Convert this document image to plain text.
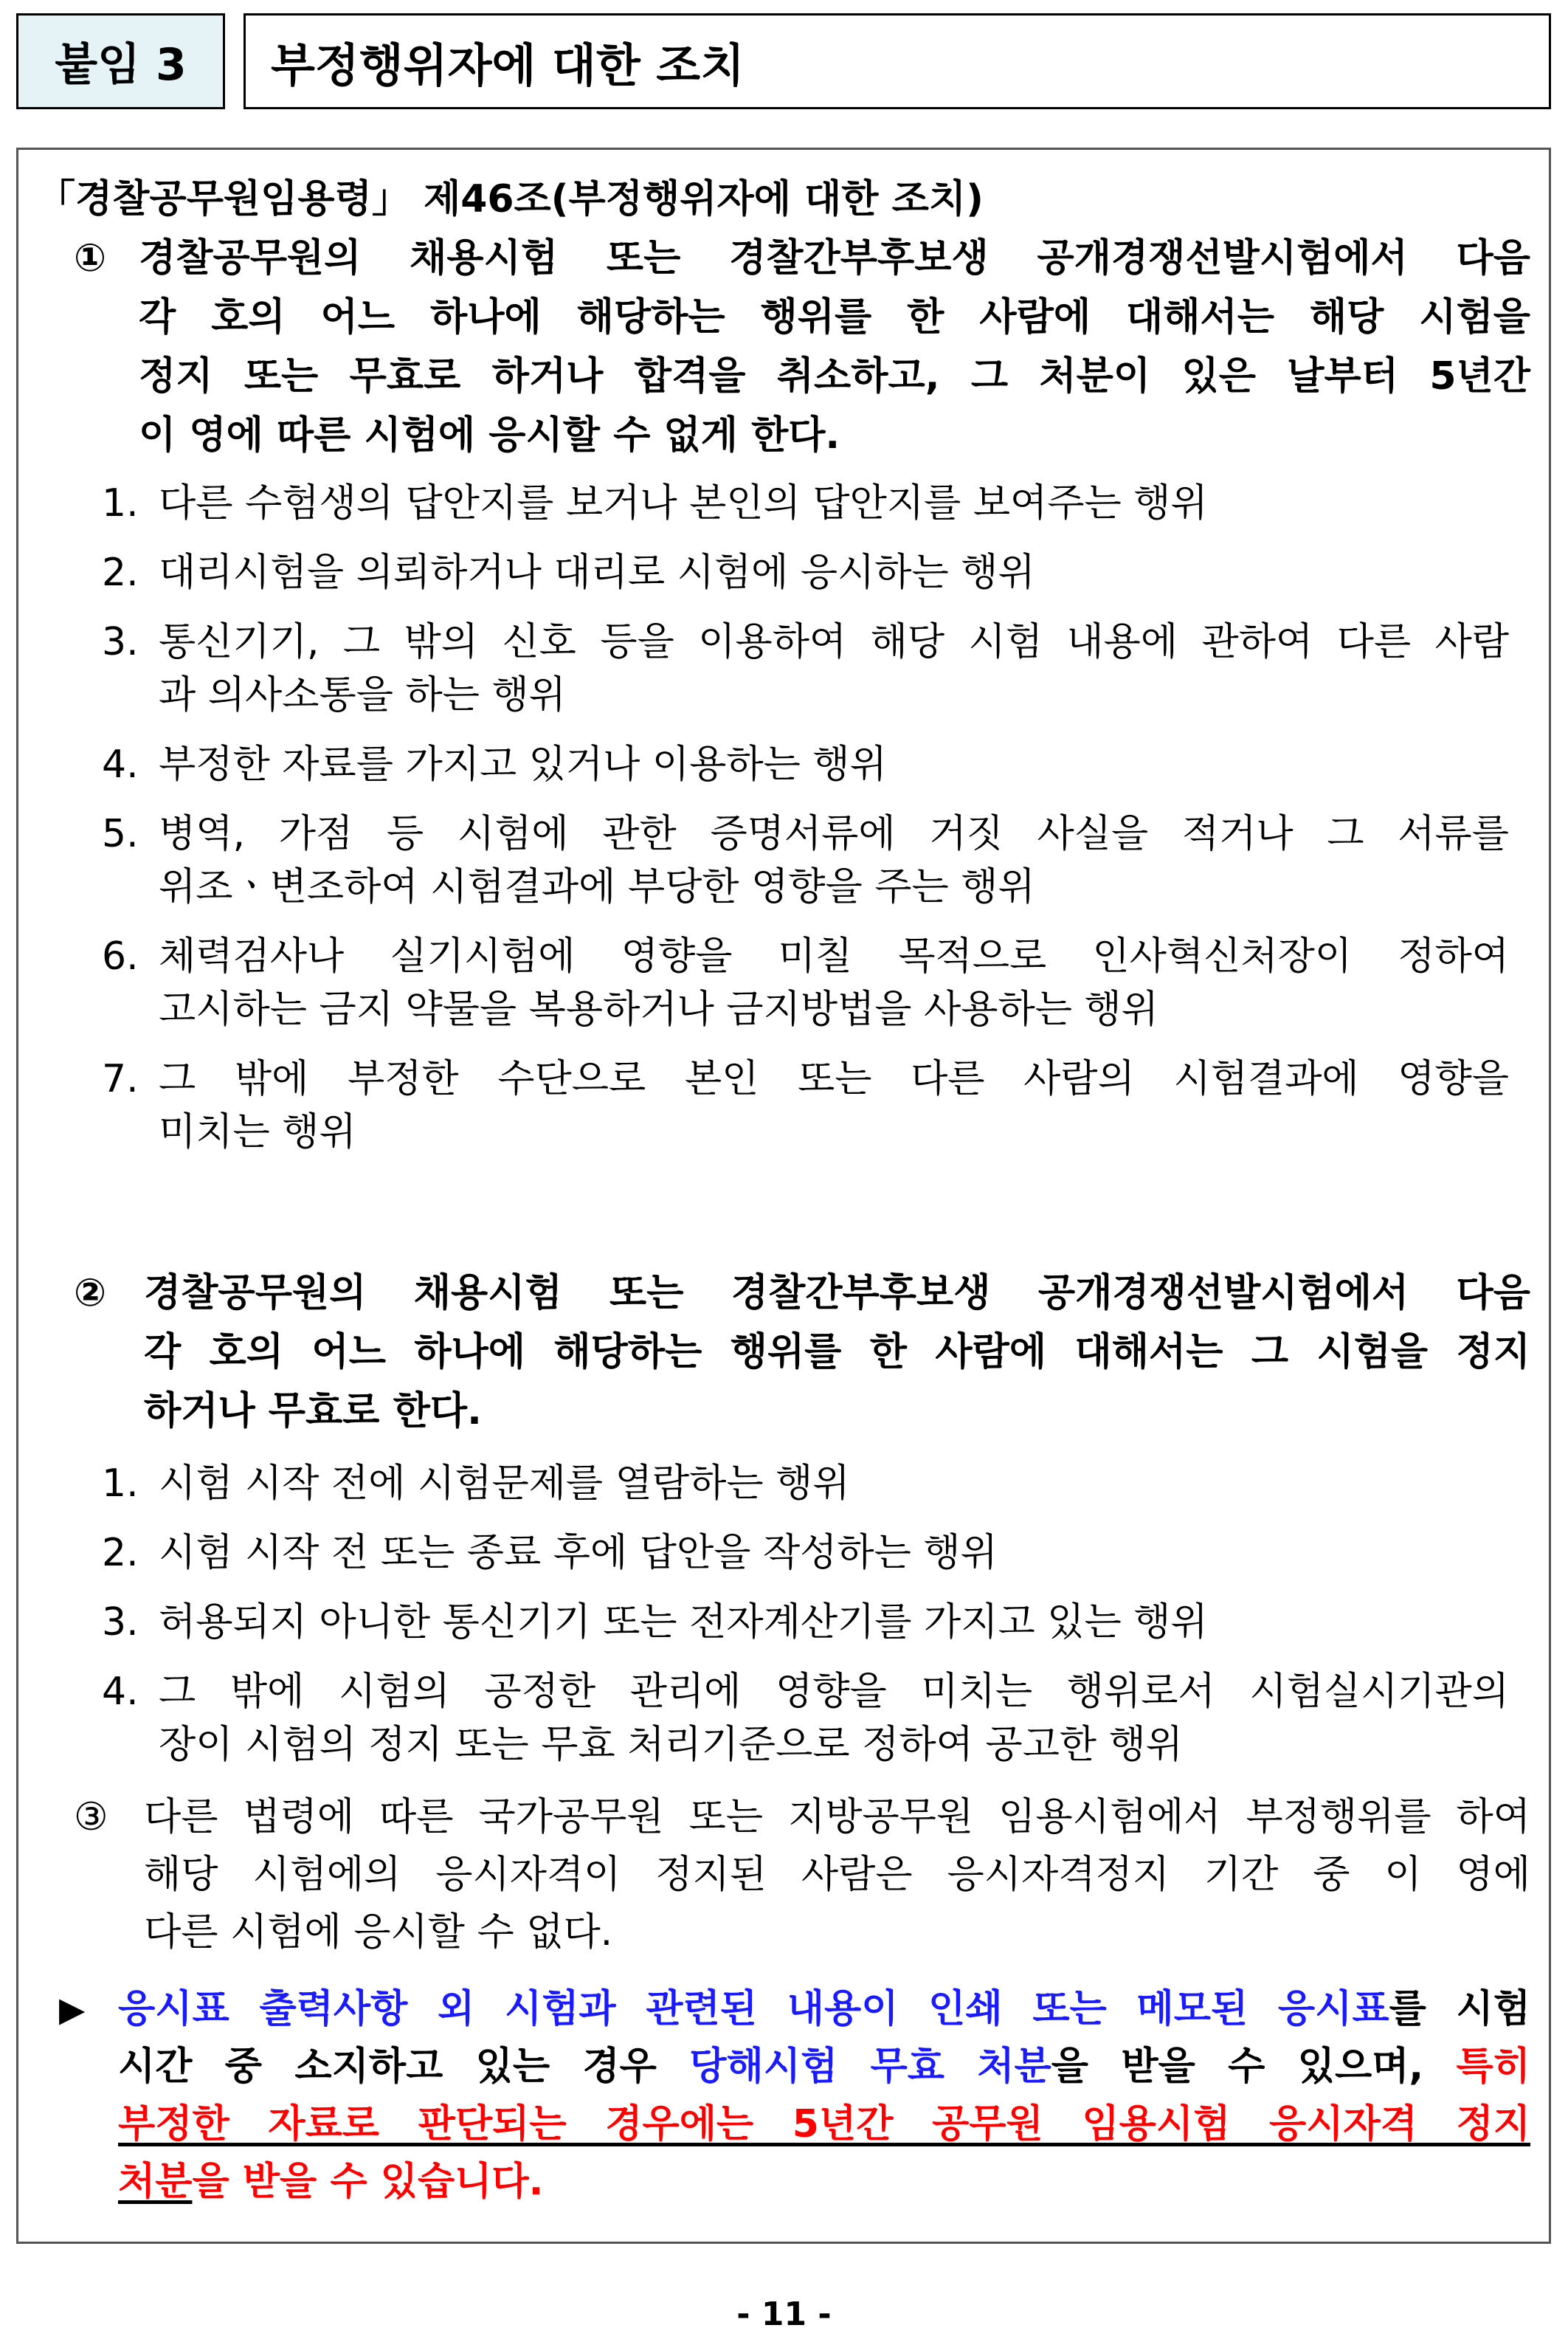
붙임 3	부정행위자에 대한 조치
「경찰공무원임용령」 제46조(부정행위자에 대한 조치)
① 경찰공무원의 채용시험 또는 경찰간부후보생 공개경쟁선발시험에서 다음
각 호의 어느 하나에 해당하는 행위를 한 사람에 대해서는 해당 시험을
정지 또는 무효로 하거나 합격을 취소하고, 그 처분이 있은 날부터 5년간
이 영에 따른 시험에 응시할 수 없게 한다.
1. 다른 수험생의 답안지를 보거나 본인의 답안지를 보여주는 행위
2. 대리시험을 의뢰하거나 대리로 시험에 응시하는 행위
3. 통신기기, 그 밖의 신호 등을 이용하여 해당 시험 내용에 관하여 다른 사람
과 의사소통을 하는 행위
4. 부정한 자료를 가지고 있거나 이용하는 행위
5. 병역, 가점 등 시험에 관한 증명서류에 거짓 사실을 적거나 그 서류를
위조ㆍ변조하여 시험결과에 부당한 영향을 주는 행위
6. 체력검사나 실기시험에 영향을 미칠 목적으로 인사혁신처장이 정하여
고시하는 금지 약물을 복용하거나 금지방법을 사용하는 행위
7. 그 밖에 부정한 수단으로 본인 또는 다른 사람의 시험결과에 영향을
미치는 행위
② 경찰공무원의 채용시험 또는 경찰간부후보생 공개경쟁선발시험에서 다음
각 호의 어느 하나에 해당하는 행위를 한 사람에 대해서는 그 시험을 정지
하거나 무효로 한다.
1. 시험 시작 전에 시험문제를 열람하는 행위
2. 시험 시작 전 또는 종료 후에 답안을 작성하는 행위
3. 허용되지 아니한 통신기기 또는 전자계산기를 가지고 있는 행위
4. 그 밖에 시험의 공정한 관리에 영향을 미치는 행위로서 시험실시기관의
장이 시험의 정지 또는 무효 처리기준으로 정하여 공고한 행위
③ 다른 법령에 따른 국가공무원 또는 지방공무원 임용시험에서 부정행위를 하여
해당 시험에의 응시자격이 정지된 사람은 응시자격정지 기간 중 이 영에
다른 시험에 응시할 수 없다.
▶ 응시표 출력사항 외 시험과 관련된 내용이 인쇄 또는 메모된 응시표를 시험
시간 중 소지하고 있는 경우 당해시험 무효 처분을 받을 수 있으며, 특히
부정한 자료로 판단되는 경우에는 5년간 공무원 임용시험 응시자격 정지
처분을 받을 수 있습니다.
- 11 -
